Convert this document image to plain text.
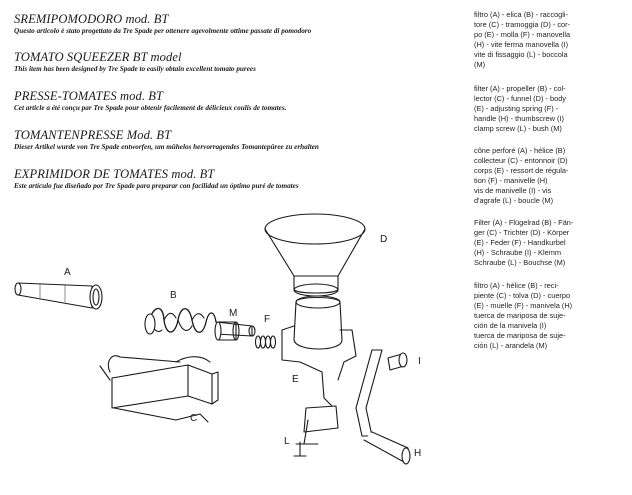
SREMIPOMODORO mod. BT
Questo articolo è stato progettato da Tre Spade per ottenere agevolmente ottime passate di pomodoro
TOMATO SQUEEZER BT model
This item has been designed by Tre Spade to easily obtain excellent tomato purees
PRESSE-TOMATES mod. BT
Cet article a été conçu par Tre Spade pour obtenir facilement de délicieux coulis de tomates.
TOMANTENPRESSE Mod. BT
Dieser Artikel wurde von Tre Spade entworfen, um mühelos hervorragendes Tomantepüree zu erhalten
EXPRIMIDOR DE TOMATES mod. BT
Este artículo fue diseñado por Tre Spade para preparar con facilidad un óptimo puré de tomates
filtro (A) - elica (B) - raccogli-
tore (C) - tramoggia (D) - cor-
po (E) - molla (F) - manovella
(H) - vite ferma manovella (I)
vite di fissaggio (L) - boccola
(M)
filter (A) - propeller (B) - col-
lector (C) - funnel (D) - body
(E) - adjusting spring (F) -
handle (H) - thumbscrew (I)
clamp screw (L) - bush (M)
cône perforé (A) - hélice (B)
collecteur (C) - entonnoir (D)
corps (E) - ressort de régula-
tion (F) - manivelle (H)
vis de manivelle (I) - vis
d'agrafe (L) - boucle (M)
Filter (A) - Flügelrad (B) - Fän-
ger (C) - Trichter (D) - Körper
(E) - Feder (F) - Handkurbel
(H) - Schraube (I) - Klemm
Schraube (L) - Bouchse (M)
filtro (A) - hélice (B) - reci-
piente (C) - tolva (D) - cuerpo
(E) - muelle (F) - manivela (H)
tuerca de mariposa de suje-
ción de la manivela (I)
tuerca de mariposa de suje-
ción (L) - arandela (M)
A
B
C
D
E
F
H
I
L
M
